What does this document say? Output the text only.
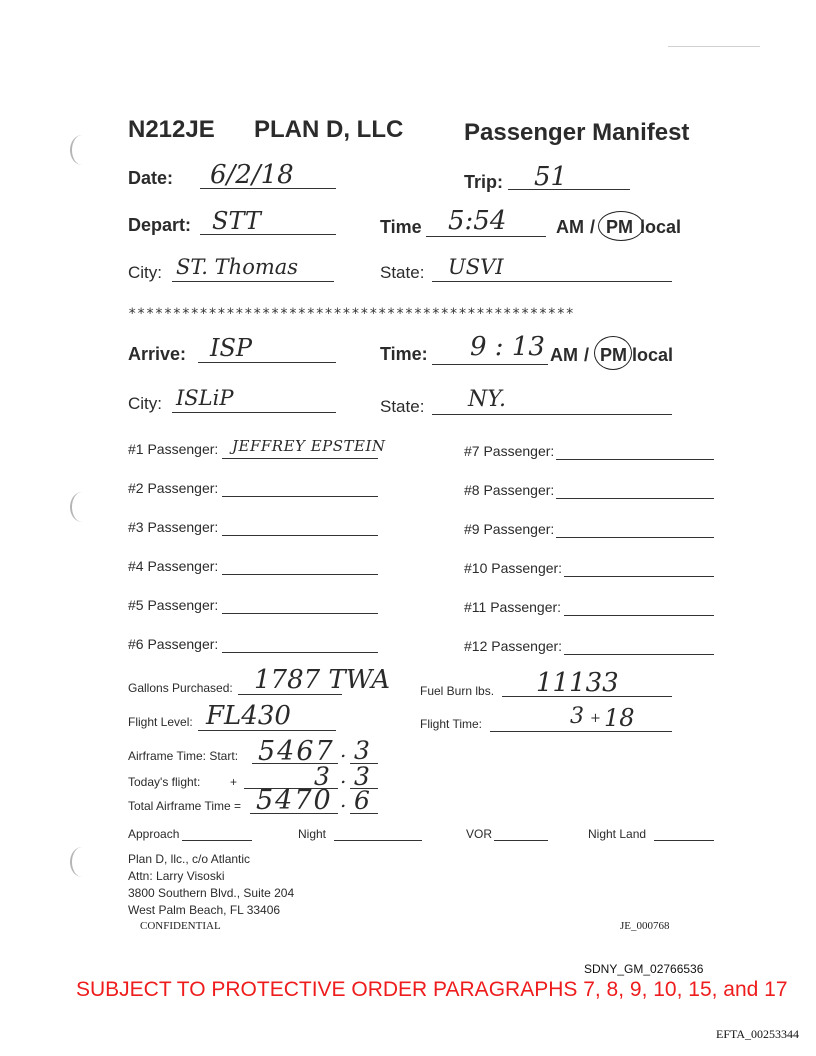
N212JE PLAN D, LLC	Passenger Manifest
Date: 6/2/18	Trip: 51
Depart: STT	Time 5:54	AM / PM local
City: ST. Thomas	State: USVI
**************************************************
Arrive: ISP	Time: 9 : 13 AM / PM local
City: ISLiP	State: NY.
#1 Passenger: JEFFREY EPSTEIN
#2 Passenger:
#3 Passenger:
#4 Passenger:
#5 Passenger:
#6 Passenger:
#7 Passenger:
#8 Passenger:
#9 Passenger:
#10 Passenger:
#11 Passenger:
#12 Passenger:
Gallons Purchased: 1787 TWA	Fuel Burn lbs. 11133
Flight Level: FL430	Flight Time:	3 + 18
Airframe Time: Start: 5467 . 3
Today's flight: +	3 . 3
Total Airframe Time = 5470 . 6
Approach	Night	VOR	Night Land
Plan D, llc., c/o Atlantic
Attn: Larry Visoski
3800 Southern Blvd., Suite 204
West Palm Beach, FL 33406
CONFIDENTIAL	JE_000768
SDNY_GM_02766536
SUBJECT TO PROTECTIVE ORDER PARAGRAPHS 7, 8, 9, 10, 15, and 17
EFTA_00253344
